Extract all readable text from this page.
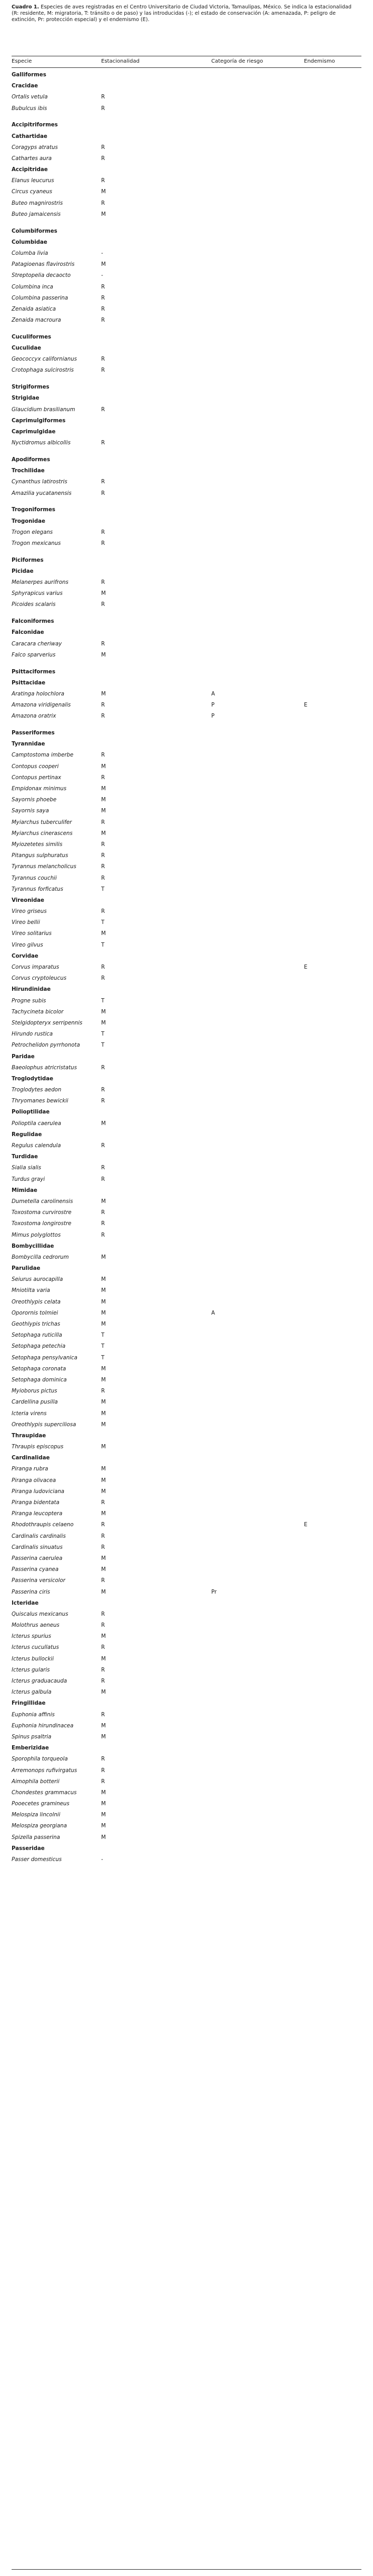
Cuadro 1. Especies de aves registradas en el Centro Universitario de Ciudad Victoria, Tamaulipas, México. Se indica la estacionalidad (R: residente, M: migratoria, T: tránsito o de paso) y las introducidas (-); el estado de conservación (A: amenazada, P: peligro de extinción, Pr: protección especial) y el endemismo (E).
Especie	Estacionalidad	Categoría de riesgo	Endemismo
Galliformes
Cracidae
Ortalis vetula	R
Bubulcus ibis	R
Accipitriformes
Cathartidae
Coragyps atratus	R
Cathartes aura	R
Accipitridae
Elanus leucurus	R
Circus cyaneus	M
Buteo magnirostris	R
Buteo jamaicensis	M
Columbiformes
Columbidae
Columba livia	-
Patagioenas flavirostris	M
Streptopelia decaocto	-
Columbina inca	R
Columbina passerina	R
Zenaida asiatica	R
Zenaida macroura	R
Cuculiformes
Cuculidae
Geococcyx californianus	R
Crotophaga sulcirostris	R
Strigiformes
Strigidae
Glaucidium brasilianum	R
Caprimulgiformes
Caprimulgidae
Nyctidromus albicollis	R
Apodiformes
Trochilidae
Cynanthus latirostris	R
Amazilia yucatanensis	R
Trogoniformes
Trogonidae
Trogon elegans	R
Trogon mexicanus	R
Piciformes
Picidae
Melanerpes aurifrons	R
Sphyrapicus varius	M
Picoides scalaris	R
Falconiformes
Falconidae
Caracara cheriway	R
Falco sparverius	M
Psittaciformes
Psittacidae
Aratinga holochlora	M	A
Amazona viridigenalis	R	P	E
Amazona oratrix	R	P
Passeriformes
Tyrannidae
Camptostoma imberbe	R
Contopus cooperi	M
Contopus pertinax	R
Empidonax minimus	M
Sayornis phoebe	M
Sayornis saya	M
Myiarchus tuberculifer	R
Myiarchus cinerascens	M
Myiozetetes similis	R
Pitangus sulphuratus	R
Tyrannus melancholicus	R
Tyrannus couchii	R
Tyrannus forficatus	T
Vireonidae
Vireo griseus	R
Vireo bellii	T
Vireo solitarius	M
Vireo gilvus	T
Corvidae
Corvus imparatus	R	E
Corvus cryptoleucus	R
Hirundinidae
Progne subis	T
Tachycineta bicolor	M
Stelgidopteryx serripennis	M
Hirundo rustica	T
Petrochelidon pyrrhonota	T
Paridae
Baeolophus atricristatus	R
Troglodytidae
Troglodytes aedon	R
Thryomanes bewickii	R
Polioptilidae
Polioptila caerulea	M
Regulidae
Regulus calendula	R
Turdidae
Sialia sialis	R
Turdus grayi	R
Mimidae
Dumetella carolinensis	M
Toxostoma curvirostre	R
Toxostoma longirostre	R
Mimus polyglottos	R
Bombycillidae
Bombycilla cedrorum	M
Parulidae
Seiurus aurocapilla	M
Mniotilta varia	M
Oreothlypis celata	M
Oporornis tolmiei	M	A
Geothlypis trichas	M
Setophaga ruticilla	T
Setophaga petechia	T
Setophaga pensylvanica	T
Setophaga coronata	M
Setophaga dominica	M
Myioborus pictus	R
Cardellina pusilla	M
Icteria virens	M
Oreothlypis superciliosa	M
Thraupidae
Thraupis episcopus	M
Cardinalidae
Piranga rubra	M
Piranga olivacea	M
Piranga ludoviciana	M
Piranga bidentata	R
Piranga leucoptera	M
Rhodothraupis celaeno	R	E
Cardinalis cardinalis	R
Cardinalis sinuatus	R
Passerina caerulea	M
Passerina cyanea	M
Passerina versicolor	R
Passerina ciris	M	Pr
Icteridae
Quiscalus mexicanus	R
Molothrus aeneus	R
Icterus spurius	M
Icterus cucullatus	R
Icterus bullockii	M
Icterus gularis	R
Icterus graduacauda	R
Icterus galbula	M
Fringillidae
Euphonia affinis	R
Euphonia hirundinacea	M
Spinus psaltria	M
Emberizidae
Sporophila torqueola	R
Arremonops rufivirgatus	R
Aimophila botterii	R
Chondestes grammacus	M
Pooecetes gramineus	M
Melospiza lincolnii	M
Melospiza georgiana	M
Spizella passerina	M
Passeridae
Passer domesticus	-
